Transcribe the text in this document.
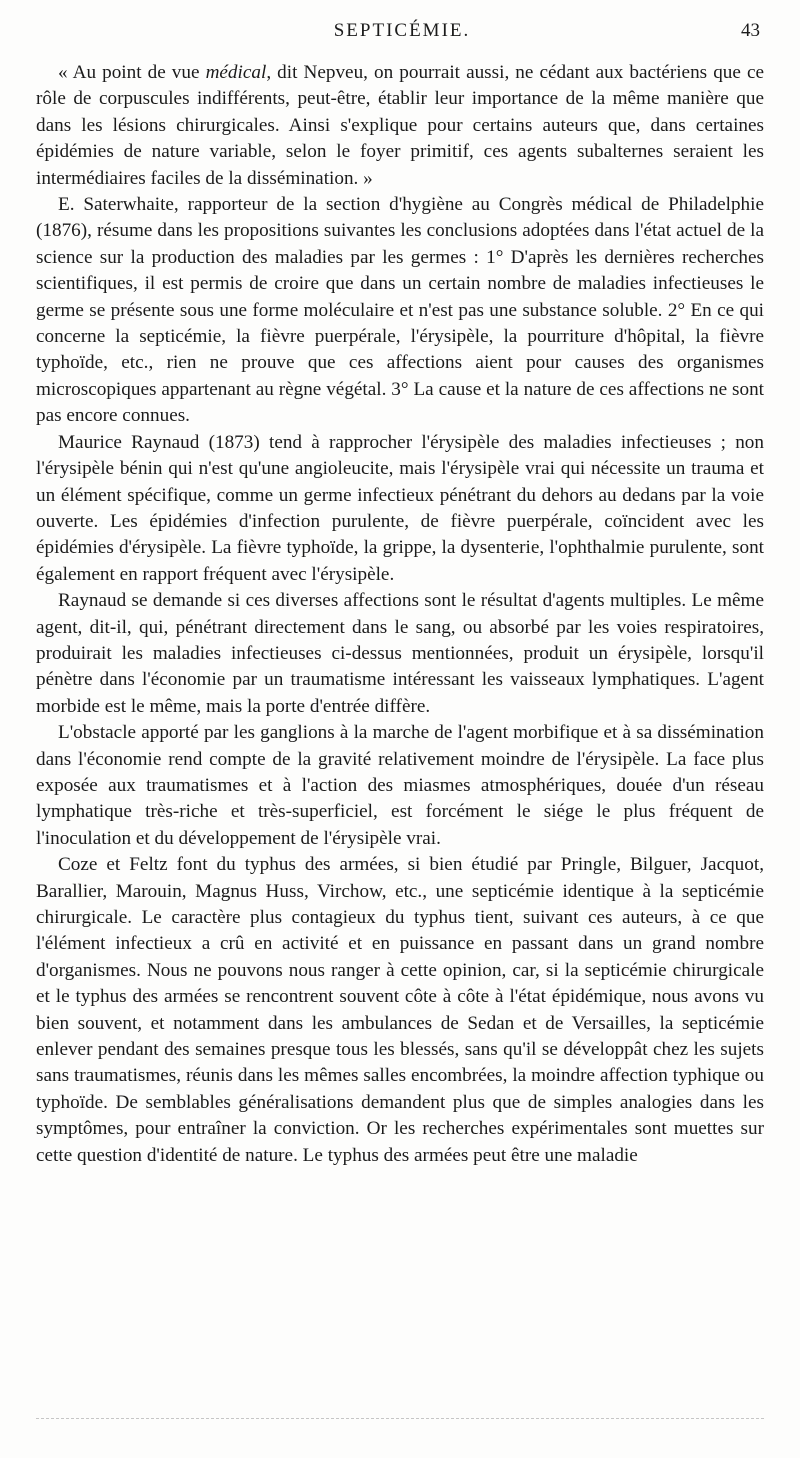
SEPTICÉMIE.	43

« Au point de vue médical, dit Nepveu, on pourrait aussi, ne cédant aux bactériens que ce rôle de corpuscules indifférents, peut-être, établir leur importance de la même manière que dans les lésions chirurgicales. Ainsi s'explique pour certains auteurs que, dans certaines épidémies de nature variable, selon le foyer primitif, ces agents subalternes seraient les intermédiaires faciles de la dissémination. »

E. Saterwhaite, rapporteur de la section d'hygiène au Congrès médical de Philadelphie (1876), résume dans les propositions suivantes les conclusions adoptées dans l'état actuel de la science sur la production des maladies par les germes : 1° D'après les dernières recherches scientifiques, il est permis de croire que dans un certain nombre de maladies infectieuses le germe se présente sous une forme moléculaire et n'est pas une substance soluble. 2° En ce qui concerne la septicémie, la fièvre puerpérale, l'érysipèle, la pourriture d'hôpital, la fièvre typhoïde, etc., rien ne prouve que ces affections aient pour causes des organismes microscopiques appartenant au règne végétal. 3° La cause et la nature de ces affections ne sont pas encore connues.

Maurice Raynaud (1873) tend à rapprocher l'érysipèle des maladies infectieuses ; non l'érysipèle bénin qui n'est qu'une angioleucite, mais l'érysipèle vrai qui nécessite un trauma et un élément spécifique, comme un germe infectieux pénétrant du dehors au dedans par la voie ouverte. Les épidémies d'infection purulente, de fièvre puerpérale, coïncident avec les épidémies d'érysipèle. La fièvre typhoïde, la grippe, la dysenterie, l'ophthalmie purulente, sont également en rapport fréquent avec l'érysipèle.

Raynaud se demande si ces diverses affections sont le résultat d'agents multiples. Le même agent, dit-il, qui, pénétrant directement dans le sang, ou absorbé par les voies respiratoires, produirait les maladies infectieuses ci-dessus mentionnées, produit un érysipèle, lorsqu'il pénètre dans l'économie par un traumatisme intéressant les vaisseaux lymphatiques. L'agent morbide est le même, mais la porte d'entrée diffère.

L'obstacle apporté par les ganglions à la marche de l'agent morbifique et à sa dissémination dans l'économie rend compte de la gravité relativement moindre de l'érysipèle. La face plus exposée aux traumatismes et à l'action des miasmes atmosphériques, douée d'un réseau lymphatique très-riche et très-superficiel, est forcément le siége le plus fréquent de l'inoculation et du développement de l'érysipèle vrai.

Coze et Feltz font du typhus des armées, si bien étudié par Pringle, Bilguer, Jacquot, Barallier, Marouin, Magnus Huss, Virchow, etc., une septicémie identique à la septicémie chirurgicale. Le caractère plus contagieux du typhus tient, suivant ces auteurs, à ce que l'élément infectieux a crû en activité et en puissance en passant dans un grand nombre d'organismes. Nous ne pouvons nous ranger à cette opinion, car, si la septicémie chirurgicale et le typhus des armées se rencontrent souvent côte à côte à l'état épidémique, nous avons vu bien souvent, et notamment dans les ambulances de Sedan et de Versailles, la septicémie enlever pendant des semaines presque tous les blessés, sans qu'il se développât chez les sujets sans traumatismes, réunis dans les mêmes salles encombrées, la moindre affection typhique ou typhoïde. De semblables généralisations demandent plus que de simples analogies dans les symptômes, pour entraîner la conviction. Or les recherches expérimentales sont muettes sur cette question d'identité de nature. Le typhus des armées peut être une maladie
